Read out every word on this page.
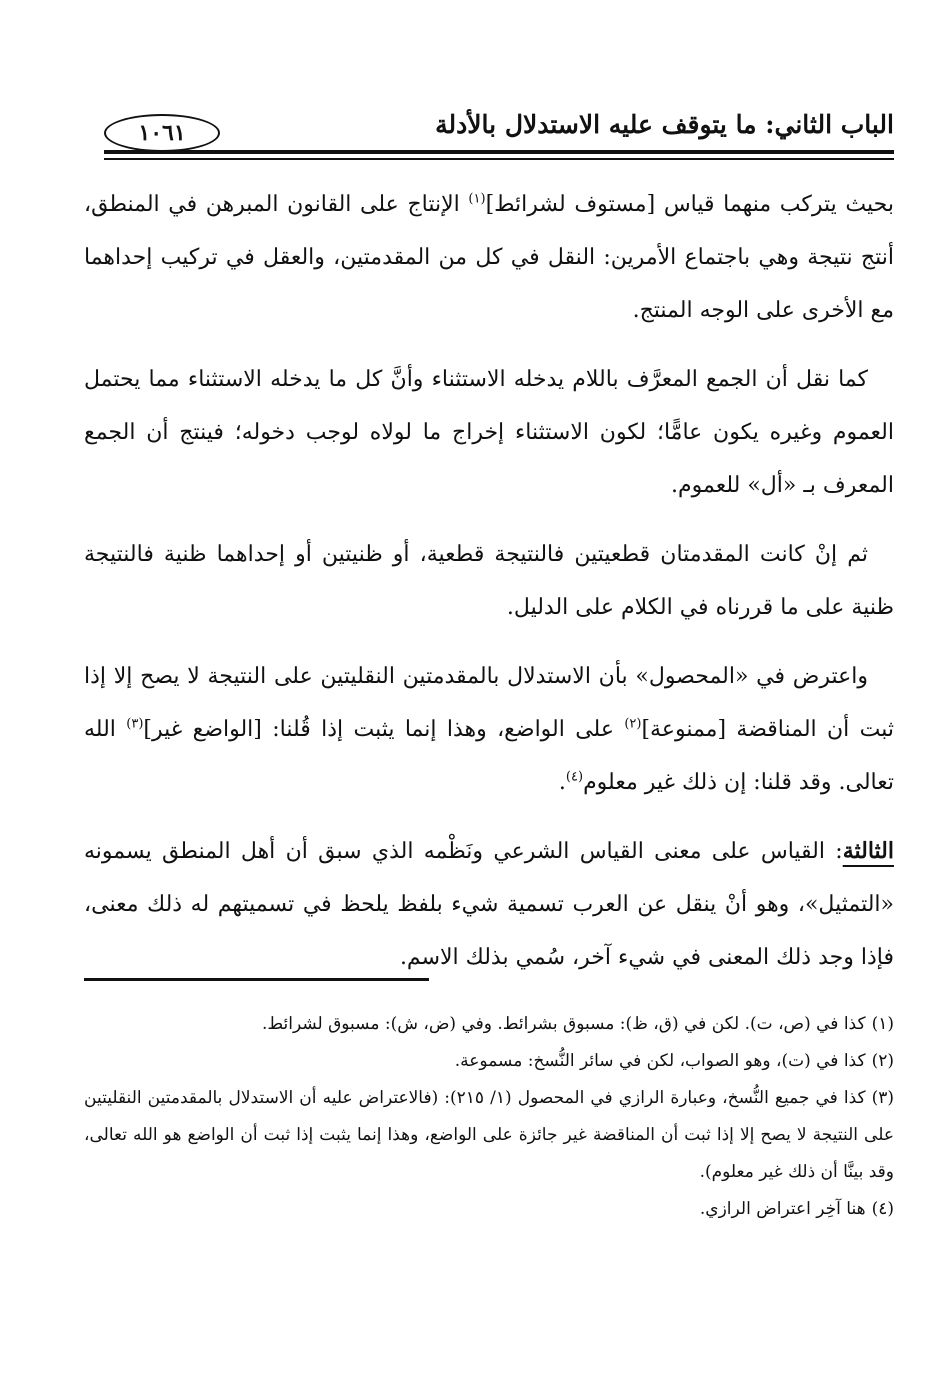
الباب الثاني: ما يتوقف عليه الاستدلال بالأدلة
١٠٦١

بحيث يتركب منهما قياس [مستوف لشرائط]$^{(١)}$ الإنتاج على القانون المبرهن في المنطق، أنتج نتيجة وهي باجتماع الأمرين: النقل في كل من المقدمتين، والعقل في تركيب إحداهما مع الأخرى على الوجه المنتج.

كما نقل أن الجمع المعرَّف باللام يدخله الاستثناء وأنَّ كل ما يدخله الاستثناء مما يحتمل العموم وغيره يكون عامًّا؛ لكون الاستثناء إخراج ما لولاه لوجب دخوله؛ فينتج أن الجمع المعرف بـ «أل» للعموم.

ثم إنْ كانت المقدمتان قطعيتين فالنتيجة قطعية، أو ظنيتين أو إحداهما ظنية فالنتيجة ظنية على ما قررناه في الكلام على الدليل.

واعترض في «المحصول» بأن الاستدلال بالمقدمتين النقليتين على النتيجة لا يصح إلا إذا ثبت أن المناقضة [ممنوعة]$^{(٢)}$ على الواضع، وهذا إنما يثبت إذا قُلنا: [الواضع غير]$^{(٣)}$ الله تعالى. وقد قلنا: إن ذلك غير معلوم$^{(٤)}$.

الثالثة: القياس على معنى القياس الشرعي ونَظْمه الذي سبق أن أهل المنطق يسمونه «التمثيل»، وهو أنْ ينقل عن العرب تسمية شيء بلفظ يلحظ في تسميتهم له ذلك معنى، فإذا وجد ذلك المعنى في شيء آخر، سُمي بذلك الاسم.

(١)كذا في (ص، ت). لكن في (ق، ظ): مسبوق بشرائط. وفي (ض، ش): مسبوق لشرائط.

(٢)كذا في (ت)، وهو الصواب، لكن في سائر النُّسخ: مسموعة.

(٣)كذا في جميع النُّسخ، وعبارة الرازي في المحصول (١/ ٢١٥): (فالاعتراض عليه أن الاستدلال بالمقدمتين النقليتين على النتيجة لا يصح إلا إذا ثبت أن المناقضة غير جائزة على الواضع، وهذا إنما يثبت إذا ثبت أن الواضع هو الله تعالى، وقد بينَّا أن ذلك غير معلوم).

(٤)هنا آخِر اعتراض الرازي.
